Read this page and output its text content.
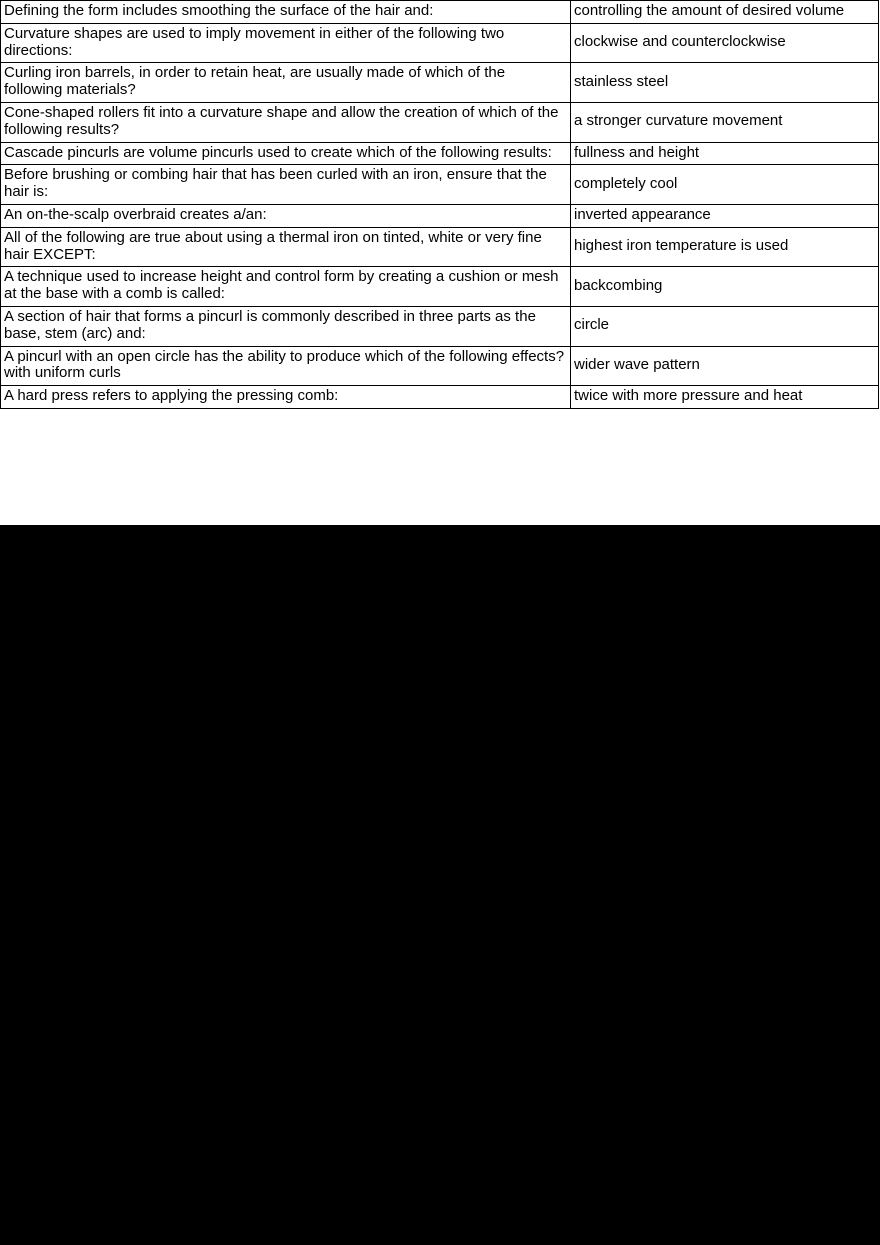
Defining the form includes smoothing the surface of the hair and:	controlling the amount of desired volume
Curvature shapes are used to imply movement in either of the following two directions:	clockwise and counterclockwise
Curling iron barrels, in order to retain heat, are usually made of which of the following materials?	stainless steel
Cone-shaped rollers fit into a curvature shape and allow the creation of which of the following results?	a stronger curvature movement
Cascade pincurls are volume pincurls used to create which of the following results:	fullness and height
Before brushing or combing hair that has been curled with an iron, ensure that the hair is:	completely cool
An on-the-scalp overbraid creates a/an:	inverted appearance
All of the following are true about using a thermal iron on tinted, white or very fine hair EXCEPT:	highest iron temperature is used
A technique used to increase height and control form by creating a cushion or mesh at the base with a comb is called:	backcombing
A section of hair that forms a pincurl is commonly described in three parts as the base, stem (arc) and:	circle
A pincurl with an open circle has the ability to produce which of the following effects? with uniform curls	wider wave pattern
A hard press refers to applying the pressing comb:	twice with more pressure and heat
